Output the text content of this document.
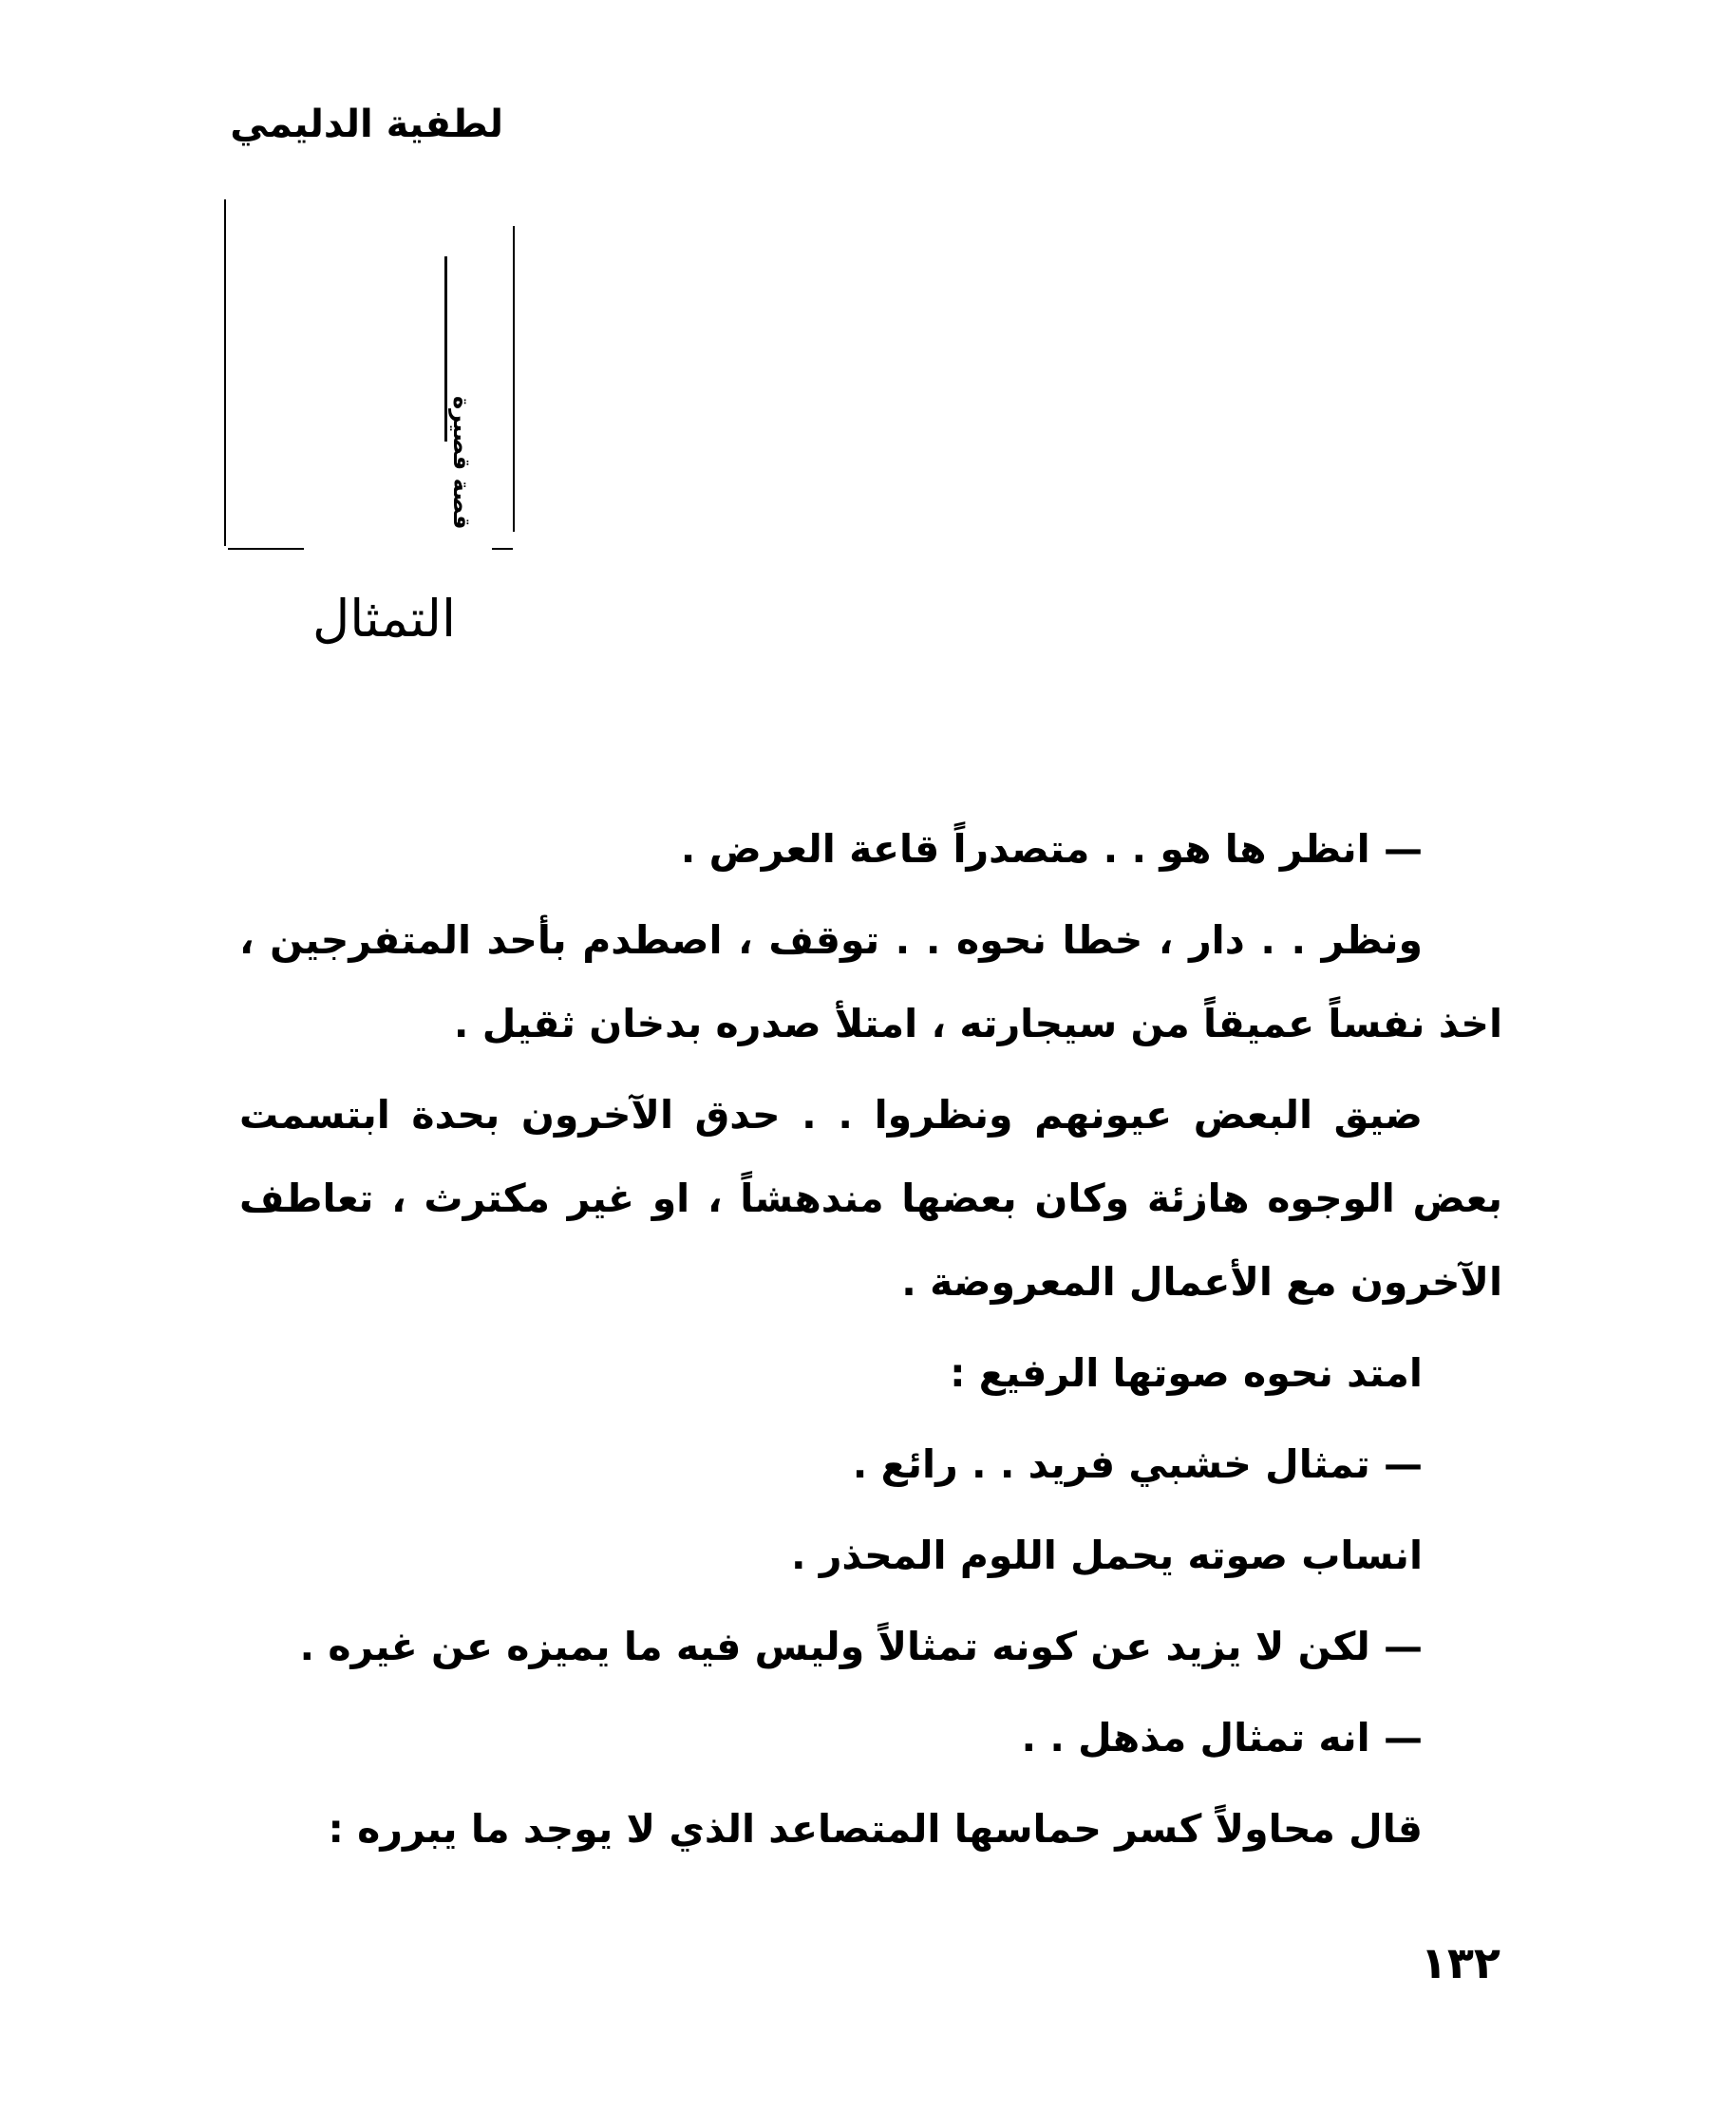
لطفية الدليمي
قصة قصيرة
التمثال

— انظر ها هو . . متصدراً قاعة العرض .

ونظر . . دار ، خطا نحوه . . توقف ، اصطدم بأحد المتفرجين ، اخذ نفساً عميقاً من سيجارته ، امتلأ صدره بدخان ثقيل .

ضيق البعض عيونهم ونظروا . . حدق الآخرون بحدة ابتسمت بعض الوجوه هازئة وكان بعضها مندهشاً ، او غير مكترث ، تعاطف الآخرون مع الأعمال المعروضة .

امتد نحوه صوتها الرفيع :

— تمثال خشبي فريد . . رائع .

انساب صوته يحمل اللوم المحذر .

— لكن لا يزيد عن كونه تمثالاً وليس فيه ما يميزه عن غيره .

— انه تمثال مذهل . .

قال محاولاً كسر حماسها المتصاعد الذي لا يوجد ما يبرره :

١٣٢
